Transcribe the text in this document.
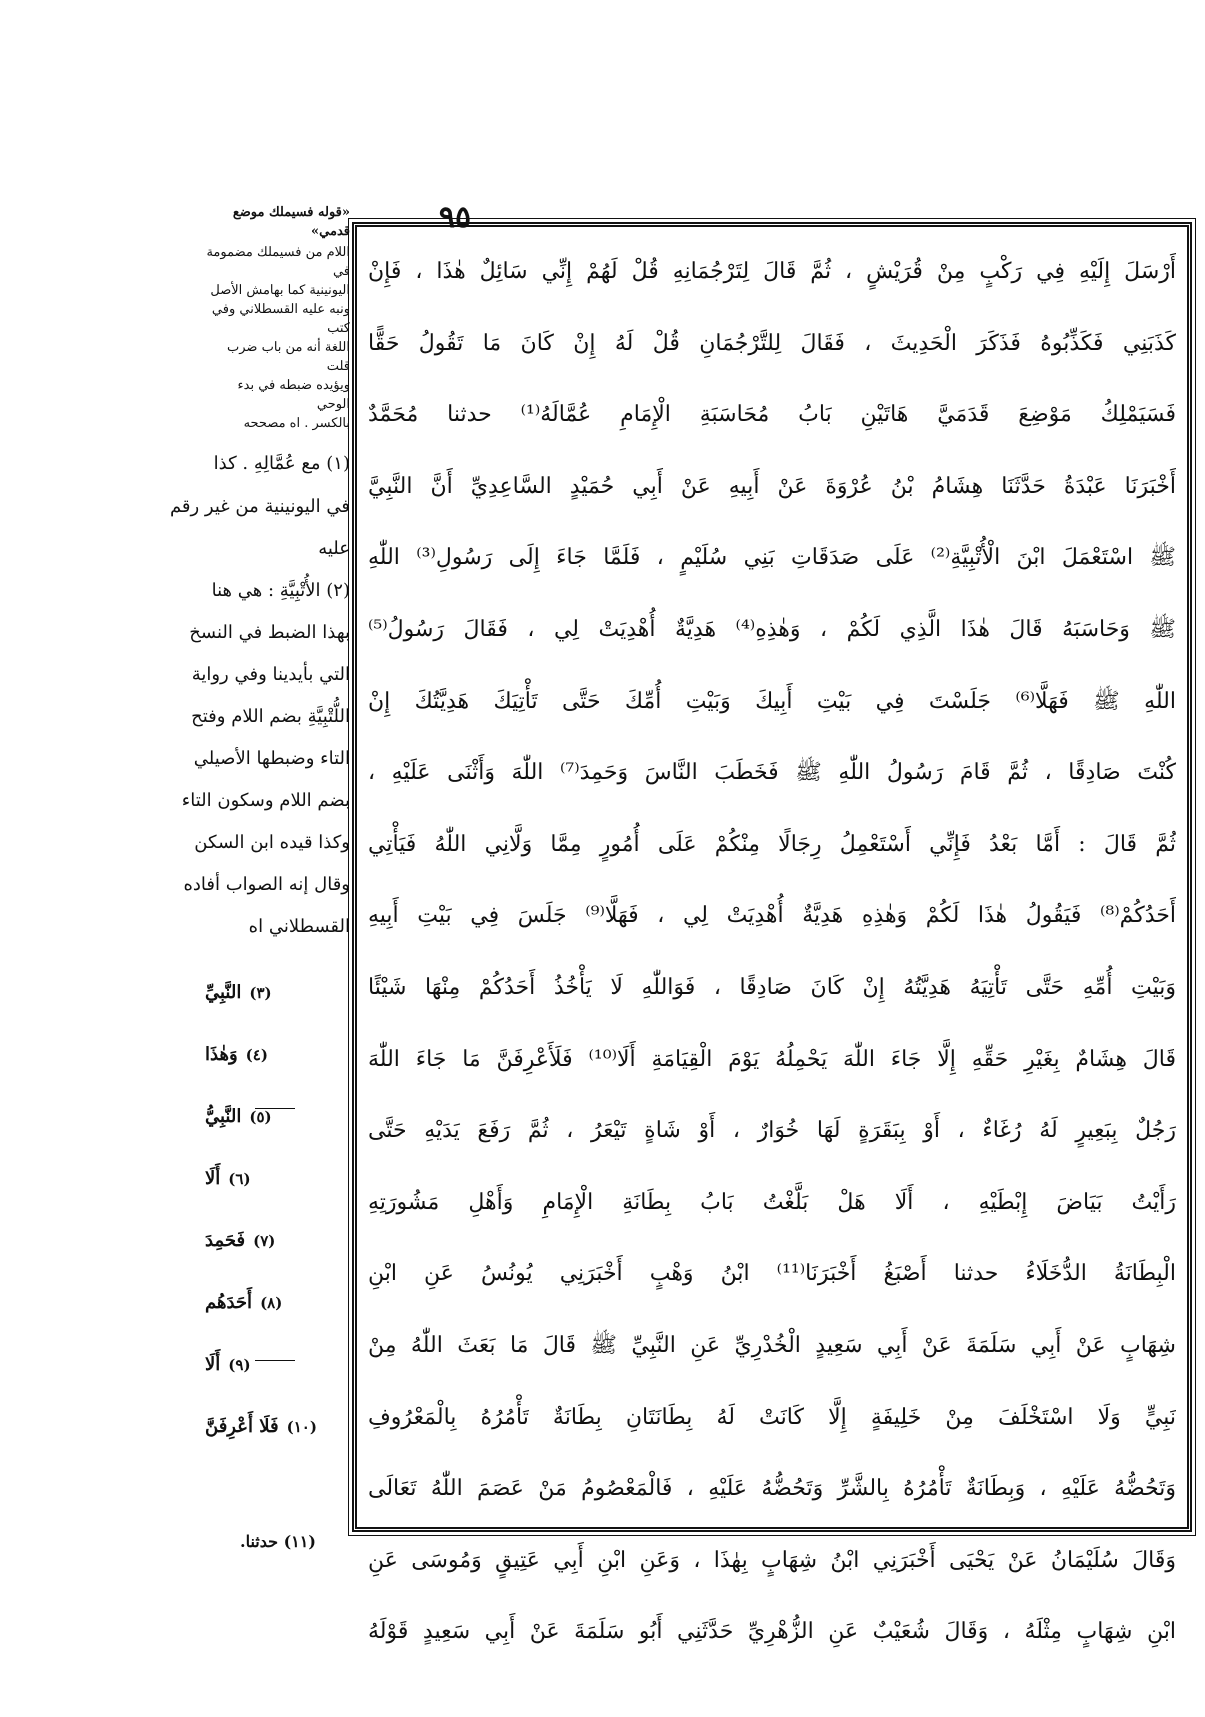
٩٥
أَرْسَلَ إِلَيْهِ فِي رَكْبٍ مِنْ قُرَيْشٍ ، ثُمَّ قَالَ لِتَرْجُمَانِهِ قُلْ لَهُمْ إِنِّي سَائِلٌ هٰذَا ، فَإِنْ
كَذَبَنِي فَكَذِّبُوهُ فَذَكَرَ الْحَدِيثَ ، فَقَالَ لِلتَّرْجُمَانِ قُلْ لَهُ إِنْ كَانَ مَا تَقُولُ حَقًّا
فَسَيَمْلِكُ مَوْضِعَ قَدَمَيَّ هَاتَيْنِ بَابُ مُحَاسَبَةِ الْإِمَامِ عُمَّالَهُ⁽¹⁾ حدثنا مُحَمَّدٌ
أَخْبَرَنَا عَبْدَةُ حَدَّثَنَا هِشَامُ بْنُ عُرْوَةَ عَنْ أَبِيهِ عَنْ أَبِي حُمَيْدٍ السَّاعِدِيِّ أَنَّ النَّبِيَّ
ﷺ اسْتَعْمَلَ ابْنَ الْأُتْبِيَّةِ⁽²⁾ عَلَى صَدَقَاتِ بَنِي سُلَيْمٍ ، فَلَمَّا جَاءَ إِلَى رَسُولِ⁽³⁾ اللّٰهِ
ﷺ وَحَاسَبَهُ قَالَ هٰذَا الَّذِي لَكُمْ ، وَهٰذِهِ⁽⁴⁾ هَدِيَّةٌ أُهْدِيَتْ لِي ، فَقَالَ رَسُولُ⁽⁵⁾
اللّٰهِ ﷺ فَهَلَّا⁽⁶⁾ جَلَسْتَ فِي بَيْتِ أَبِيكَ وَبَيْتِ أُمِّكَ حَتَّى تَأْتِيَكَ هَدِيَّتُكَ إِنْ
كُنْتَ صَادِقًا ، ثُمَّ قَامَ رَسُولُ اللّٰهِ ﷺ فَخَطَبَ النَّاسَ وَحَمِدَ⁽⁷⁾ اللّٰهَ وَأَثْنَى عَلَيْهِ ،
ثُمَّ قَالَ : أَمَّا بَعْدُ فَإِنِّي أَسْتَعْمِلُ رِجَالًا مِنْكُمْ عَلَى أُمُورٍ مِمَّا وَلَّانِي اللّٰهُ فَيَأْتِي
أَحَدُكُمْ⁽⁸⁾ فَيَقُولُ هٰذَا لَكُمْ وَهٰذِهِ هَدِيَّةٌ أُهْدِيَتْ لِي ، فَهَلَّا⁽⁹⁾ جَلَسَ فِي بَيْتِ أَبِيهِ
وَبَيْتِ أُمِّهِ حَتَّى تَأْتِيَهُ هَدِيَّتُهُ إِنْ كَانَ صَادِقًا ، فَوَاللّٰهِ لَا يَأْخُذُ أَحَدُكُمْ مِنْهَا شَيْئًا
قَالَ هِشَامٌ بِغَيْرِ حَقِّهِ إِلَّا جَاءَ اللّٰهَ يَحْمِلُهُ يَوْمَ الْقِيَامَةِ أَلَا⁽¹⁰⁾ فَلَأَعْرِفَنَّ مَا جَاءَ اللّٰهَ
رَجُلٌ بِبَعِيرٍ لَهُ رُغَاءٌ ، أَوْ بِبَقَرَةٍ لَهَا خُوَارٌ ، أَوْ شَاةٍ تَيْعَرُ ، ثُمَّ رَفَعَ يَدَيْهِ حَتَّى
رَأَيْتُ بَيَاضَ إِبْطَيْهِ ، أَلَا هَلْ بَلَّغْتُ بَابُ بِطَانَةِ الْإِمَامِ وَأَهْلِ مَشُورَتِهِ
الْبِطَانَةُ الدُّخَلَاءُ حدثنا أَصْبَغُ أَخْبَرَنَا⁽¹¹⁾ ابْنُ وَهْبٍ أَخْبَرَنِي يُونُسُ عَنِ ابْنِ
شِهَابٍ عَنْ أَبِي سَلَمَةَ عَنْ أَبِي سَعِيدٍ الْخُدْرِيِّ عَنِ النَّبِيِّ ﷺ قَالَ مَا بَعَثَ اللّٰهُ مِنْ
نَبِيٍّ وَلَا اسْتَخْلَفَ مِنْ خَلِيفَةٍ إِلَّا كَانَتْ لَهُ بِطَانَتَانِ بِطَانَةٌ تَأْمُرُهُ بِالْمَعْرُوفِ
وَتَحُضُّهُ عَلَيْهِ ، وَبِطَانَةٌ تَأْمُرُهُ بِالشَّرِّ وَتَحُضُّهُ عَلَيْهِ ، فَالْمَعْصُومُ مَنْ عَصَمَ اللّٰهُ تَعَالَى
وَقَالَ سُلَيْمَانُ عَنْ يَحْيَى أَخْبَرَنِي ابْنُ شِهَابٍ بِهٰذَا ، وَعَنِ ابْنِ أَبِي عَتِيقٍ وَمُوسَى عَنِ
ابْنِ شِهَابٍ مِثْلَهُ ، وَقَالَ شُعَيْبٌ عَنِ الزُّهْرِيِّ حَدَّثَنِي أَبُو سَلَمَةَ عَنْ أَبِي سَعِيدٍ قَوْلَهُ
«قوله فسيملك موضع قدمي»
اللام من فسيملك مضمومة في
اليونينية كما بهامش الأصل
ونبه عليه القسطلاني وفي كتب
اللغة أنه من باب ضرب قلت
ويؤيده ضبطه في بدء الوحي
بالكسر . اه مصححه
(١) مع عُمَّالِهِ . كذا
في اليونينية من غير رقم
عليه
(٢) الأُتْبِيَّةِ : هي هنا
بهذا الضبط في النسخ
التي بأيدينا وفي رواية
اللُّتْبِيَّةِ بضم اللام وفتح
التاء وضبطها الأصيلي
بضم اللام وسكون التاء
وكذا قيده ابن السكن
وقال إنه الصواب أفاده
القسطلاني اه
(٣)النَّبِيِّ
(٤)وَهٰذَا
(٥)النَّبِيُّ
(٦)أَلَا
(٧)فَحَمِدَ
(٨)أَحَدَهُم
(٩)أَلَا
(١٠)فَلَا أَعْرِفَنَّ
(١١) حدثنا.
